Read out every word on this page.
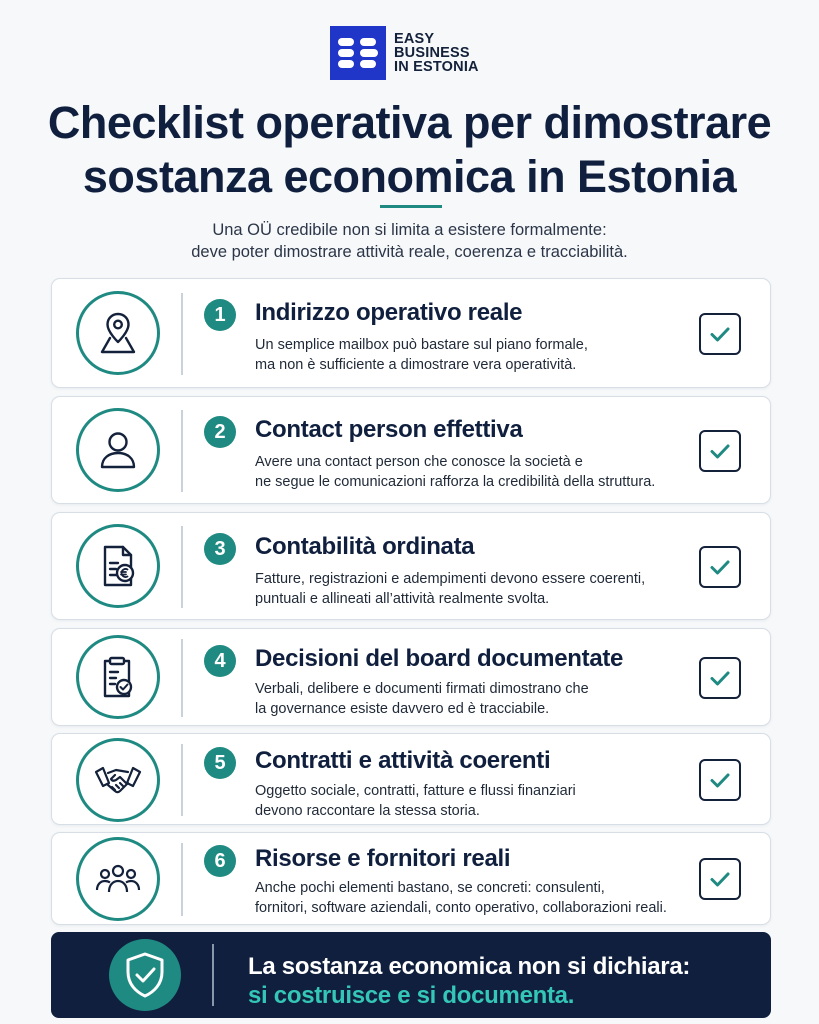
EASY
BUSINESS
IN ESTONIA
Checklist operativa per dimostrare
sostanza economica in Estonia

Una OÜ credibile non si limita a esistere formalmente:
deve poter dimostrare attività reale, coerenza e tracciabilità.

1	Indirizzo operativo reale
Un semplice mailbox può bastare sul piano formale,
ma non è sufficiente a dimostrare vera operatività.
2	Contact person effettiva
Avere una contact person che conosce la società e
ne segue le comunicazioni rafforza la credibilità della struttura.
3	Contabilità ordinata
Fatture, registrazioni e adempimenti devono essere coerenti,
puntuali e allineati all’attività realmente svolta.
4	Decisioni del board documentate
Verbali, delibere e documenti firmati dimostrano che
la governance esiste davvero ed è tracciabile.
5	Contratti e attività coerenti
Oggetto sociale, contratti, fatture e flussi finanziari
devono raccontare la stessa storia.
6	Risorse e fornitori reali
Anche pochi elementi bastano, se concreti: consulenti,
fornitori, software aziendali, conto operativo, collaborazioni reali.
La sostanza economica non si dichiara:
si costruisce e si documenta.
